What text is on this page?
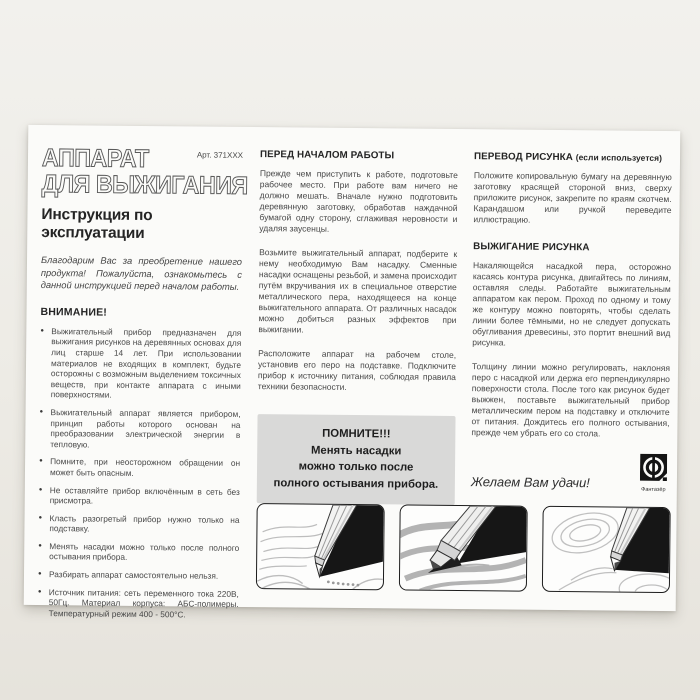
Арт. 371XXX
АППАРАТ
ДЛЯ ВЫЖИГАНИЯ
Инструкция по эксплуатации
Благодарим Вас за преобретение нашего продукта! Пожалуйста, ознакомьтесь с данной инструкцией перед началом работы.
ВНИМАНИЕ!
● Выжигательный прибор предназначен для выжигания рисунков на деревянных основах для лиц старше 14 лет. При использовании материалов не входящих в комплект, будьте осторожны с возможным выделением токсичных веществ, при контакте аппарата с иными поверхностями.
● Выжигательный аппарат является прибором, принцип работы которого основан на преобразовании электрической энергии в тепловую.
● Помните, при неосторожном обращении он может быть опасным.
● Не оставляйте прибор включённым в сеть без присмотра.
● Класть разогретый прибор нужно только на подставку.
● Менять насадки можно только после полного остывания прибора.
● Разбирать аппарат самостоятельно нельзя.
● Источник питания: сеть переменного тока 220В, 50Гц. Материал корпуса: АБС-полимеры. Температурный режим 400 - 500°С.
ПЕРЕД НАЧАЛОМ РАБОТЫ

Прежде чем приступить к работе, подготовьте рабочее место. При работе вам ничего не должно мешать. Вначале нужно подготовить деревянную заготовку, обработав наждачной бумагой одну сторону, сглаживая неровности и удаляя заусенцы.

Возьмите выжигательный аппарат, подберите к нему необходимую Вам насадку. Сменные насадки оснащены резьбой, и замена происходит путём вкручивания их в специальное отверстие металлического пера, находящееся на конце выжигательного аппарата. От различных насадок можно добиться разных эффектов при выжигании.

Расположите аппарат на рабочем столе, установив его перо на подставке. Подключите прибор к источнику питания, соблюдая правила техники безопасности.

ПОМНИТЕ!!!
Менять насадки
можно только после
полного остывания прибора.
ПЕРЕВОД РИСУНКА (если используется)

Положите копировальную бумагу на деревянную заготовку красящей стороной вниз, сверху приложите рисунок, закрепите по краям скотчем. Карандашом или ручкой переведите иллюстрацию.

ВЫЖИГАНИЕ РИСУНКА

Накаляющейся насадкой пера, осторожно касаясь контура рисунка, двигайтесь по линиям, оставляя следы. Работайте выжигательным аппаратом как пером. Проход по одному и тому же контуру можно повторять, чтобы сделать линии более тёмными, но не следует допускать обугливания древесины, это портит внешний вид рисунка.

Толщину линии можно регулировать, наклоняя перо с насадкой или держа его перпендикулярно поверхности стола. После того как рисунок будет выжжен, поставьте выжигательный прибор металлическим пером на подставку и отключите от питания. Дождитесь его полного остывания, прежде чем убрать его со стола.

Желаем Вам удачи!	Фантазёр
